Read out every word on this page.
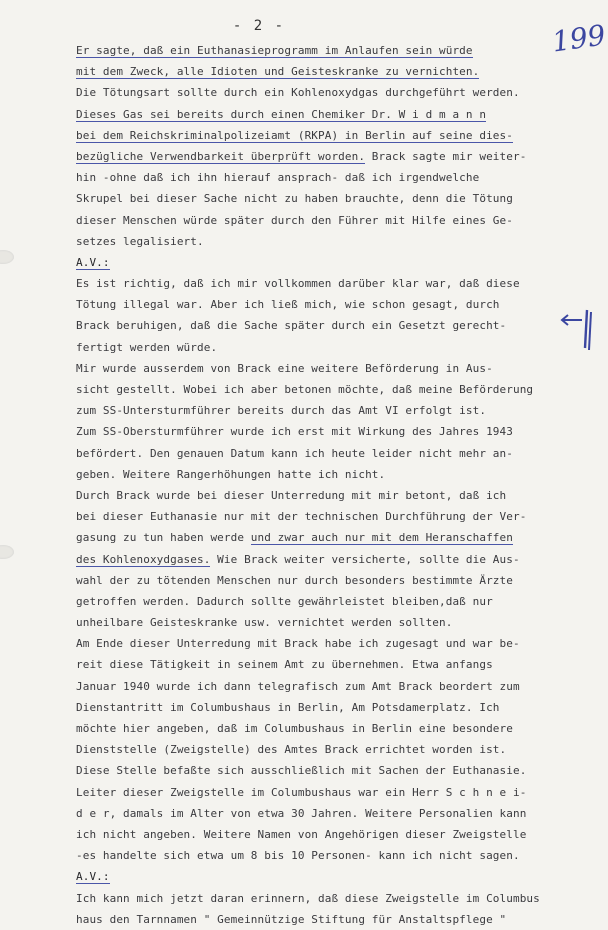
- 2 -	199
Er sagte, daß ein Euthanasieprogramm im Anlaufen sein würde
mit dem Zweck, alle Idioten und Geisteskranke zu vernichten.
Die Tötungsart sollte durch ein Kohlenoxydgas durchgeführt werden.
Dieses Gas sei bereits durch einen Chemiker Dr. W i d m a n n
bei dem Reichskriminalpolizeiamt (RKPA) in Berlin auf seine dies-
bezügliche Verwendbarkeit überprüft worden. Brack sagte mir weiter-
hin -ohne daß ich ihn hierauf ansprach- daß ich irgendwelche
Skrupel bei dieser Sache nicht zu haben brauchte, denn die Tötung
dieser Menschen würde später durch den Führer mit Hilfe eines Ge-
setzes legalisiert.
A.V.:
Es ist richtig, daß ich mir vollkommen darüber klar war, daß diese
Tötung illegal war. Aber ich ließ mich, wie schon gesagt, durch
Brack beruhigen, daß die Sache später durch ein Gesetzt gerecht-
fertigt werden würde.
Mir wurde ausserdem von Brack eine weitere Beförderung in Aus-
sicht gestellt. Wobei ich aber betonen möchte, daß meine Beförderung
zum SS-Untersturmführer bereits durch das Amt VI erfolgt ist.
Zum SS-Obersturmführer wurde ich erst mit Wirkung des Jahres 1943
befördert. Den genauen Datum kann ich heute leider nicht mehr an-
geben. Weitere Rangerhöhungen hatte ich nicht.
Durch Brack wurde bei dieser Unterredung mit mir betont, daß ich
bei dieser Euthanasie nur mit der technischen Durchführung der Ver-
gasung zu tun haben werde und zwar auch nur mit dem Heranschaffen
des Kohlenoxydgases. Wie Brack weiter versicherte, sollte die Aus-
wahl der zu tötenden Menschen nur durch besonders bestimmte Ärzte
getroffen werden. Dadurch sollte gewährleistet bleiben,daß nur
unheilbare Geisteskranke usw. vernichtet werden sollten.
Am Ende dieser Unterredung mit Brack habe ich zugesagt und war be-
reit diese Tätigkeit in seinem Amt zu übernehmen. Etwa anfangs
Januar 1940 wurde ich dann telegrafisch zum Amt Brack beordert zum
Dienstantritt im Columbushaus in Berlin, Am Potsdamerplatz. Ich
möchte hier angeben, daß im Columbushaus in Berlin eine besondere
Dienststelle (Zweigstelle) des Amtes Brack errichtet worden ist.
Diese Stelle befaßte sich ausschließlich mit Sachen der Euthanasie.
Leiter dieser Zweigstelle im Columbushaus war ein Herr S c h n e i-
d e r, damals im Alter von etwa 30 Jahren. Weitere Personalien kann
ich nicht angeben. Weitere Namen von Angehörigen dieser Zweigstelle
-es handelte sich etwa um 8 bis 10 Personen- kann ich nicht sagen.
A.V.:
Ich kann mich jetzt daran erinnern, daß diese Zweigstelle im Columbus
haus den Tarnnamen " Gemeinnützige Stiftung für Anstaltspflege "
